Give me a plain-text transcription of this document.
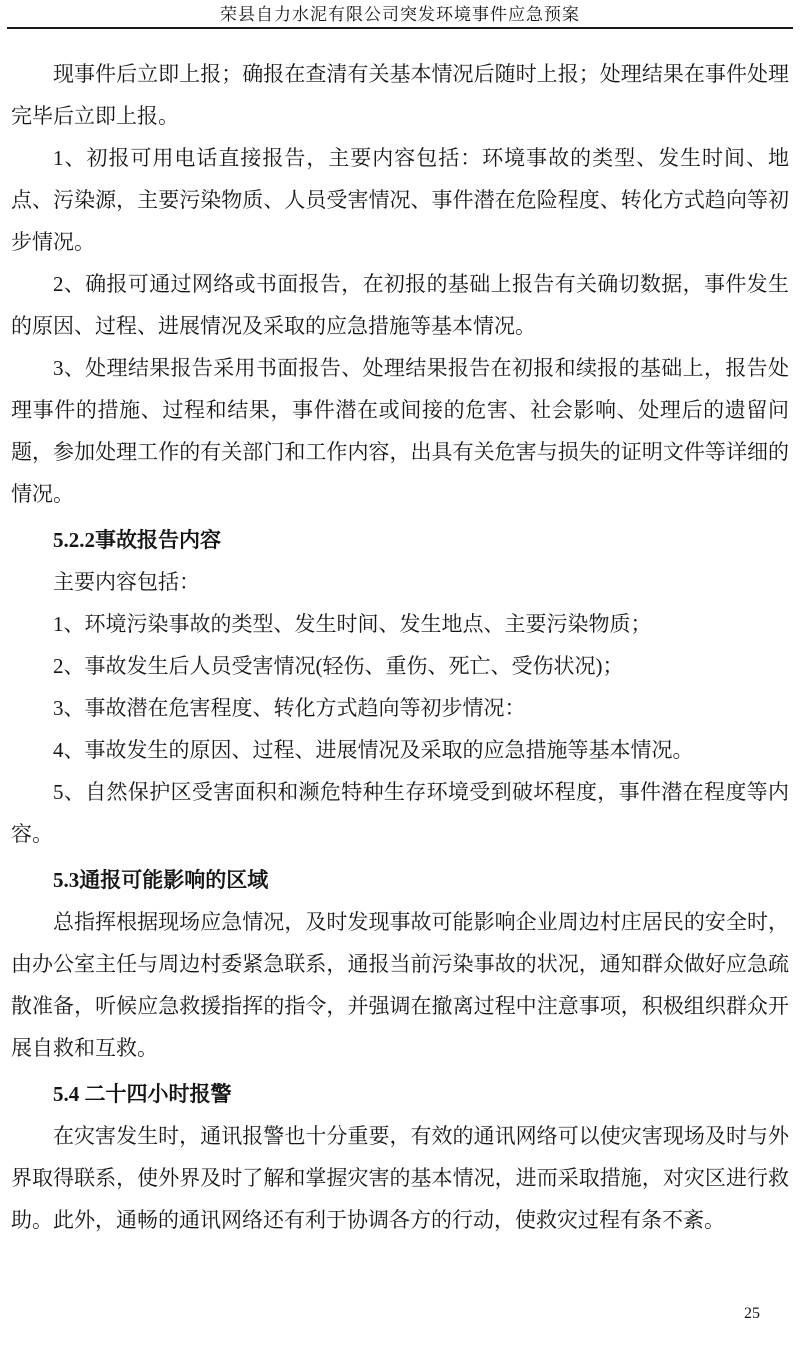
荣县自力水泥有限公司突发环境事件应急预案

现事件后立即上报；确报在查清有关基本情况后随时上报；处理结果在事件处理完毕后立即上报。

1、初报可用电话直接报告，主要内容包括：环境事故的类型、发生时间、地点、污染源，主要污染物质、人员受害情况、事件潜在危险程度、转化方式趋向等初步情况。

2、确报可通过网络或书面报告，在初报的基础上报告有关确切数据，事件发生的原因、过程、进展情况及采取的应急措施等基本情况。

3、处理结果报告采用书面报告、处理结果报告在初报和续报的基础上，报告处理事件的措施、过程和结果，事件潜在或间接的危害、社会影响、处理后的遗留问题，参加处理工作的有关部门和工作内容，出具有关危害与损失的证明文件等详细的情况。

5.2.2事故报告内容

主要内容包括：

1、环境污染事故的类型、发生时间、发生地点、主要污染物质；

2、事故发生后人员受害情况(轻伤、重伤、死亡、受伤状况)；

3、事故潜在危害程度、转化方式趋向等初步情况：

4、事故发生的原因、过程、进展情况及采取的应急措施等基本情况。

5、自然保护区受害面积和濒危特种生存环境受到破坏程度，事件潜在程度等内容。

5.3通报可能影响的区域

总指挥根据现场应急情况，及时发现事故可能影响企业周边村庄居民的安全时，由办公室主任与周边村委紧急联系，通报当前污染事故的状况，通知群众做好应急疏散准备，听候应急救援指挥的指令，并强调在撤离过程中注意事项，积极组织群众开展自救和互救。

5.4 二十四小时报警

在灾害发生时，通讯报警也十分重要，有效的通讯网络可以使灾害现场及时与外界取得联系，使外界及时了解和掌握灾害的基本情况，进而采取措施，对灾区进行救助。此外，通畅的通讯网络还有利于协调各方的行动，使救灾过程有条不紊。

25
